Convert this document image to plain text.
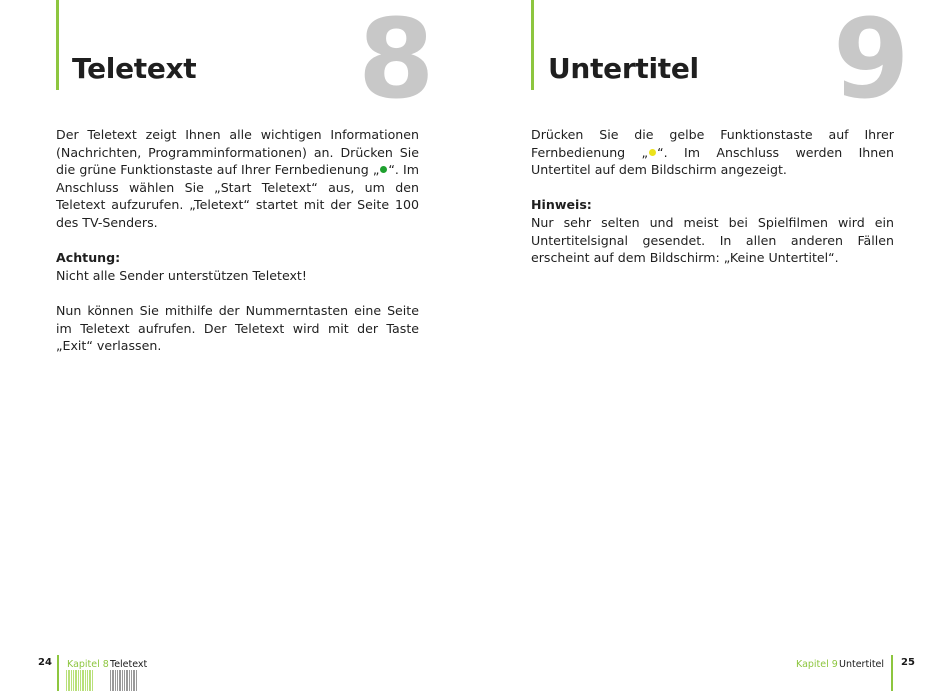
Teletext 8

Der Teletext zeigt Ihnen alle wichtigen Informationen (Nachrichten, Programminformationen) an. Drücken Sie die grüne Funktionstaste auf Ihrer Fernbedienung „ “. Im Anschluss wählen Sie „Start Teletext“ aus, um den Teletext aufzurufen. „Teletext“ startet mit der Seite 100 des TV-Senders.

Achtung:
Nicht alle Sender unterstützen Teletext!

Nun können Sie mithilfe der Nummerntasten eine Seite im Teletext aufrufen. Der Teletext wird mit der Taste „Exit“ verlassen.

24 Kapitel 8 Teletext
Untertitel 9

Drücken Sie die gelbe Funktionstaste auf Ihrer Fernbedienung „ “. Im Anschluss werden Ihnen Untertitel auf dem Bildschirm angezeigt.

Hinweis:
Nur sehr selten und meist bei Spielfilmen wird ein Untertitelsignal gesendet. In allen anderen Fällen erscheint auf dem Bildschirm: „Keine Untertitel“.

Kapitel 9 Untertitel 25
